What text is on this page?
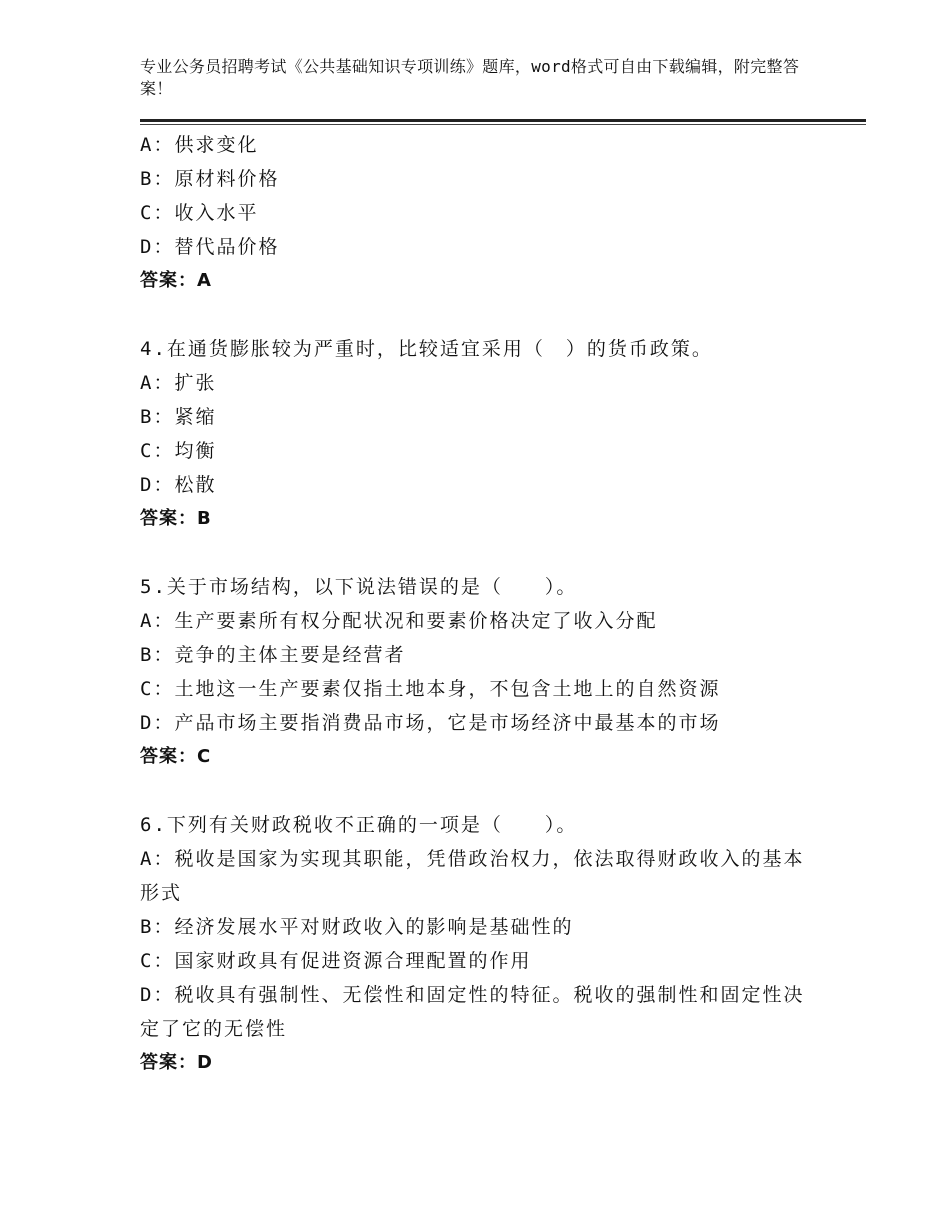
专业公务员招聘考试《公共基础知识专项训练》题库，word格式可自由下载编辑，附完整答案！
A：供求变化
B：原材料价格
C：收入水平
D：替代品价格
答案：A
4.在通货膨胀较为严重时，比较适宜采用（　）的货币政策。
A：扩张
B：紧缩
C：均衡
D：松散
答案：B
5.关于市场结构，以下说法错误的是（　　）。
A：生产要素所有权分配状况和要素价格决定了收入分配
B：竞争的主体主要是经营者
C：土地这一生产要素仅指土地本身，不包含土地上的自然资源
D：产品市场主要指消费品市场，它是市场经济中最基本的市场
答案：C
6.下列有关财政税收不正确的一项是（　　）。
A：税收是国家为实现其职能，凭借政治权力，依法取得财政收入的基本形式
B：经济发展水平对财政收入的影响是基础性的
C：国家财政具有促进资源合理配置的作用
D：税收具有强制性、无偿性和固定性的特征。税收的强制性和固定性决定了它的无偿性
答案：D
